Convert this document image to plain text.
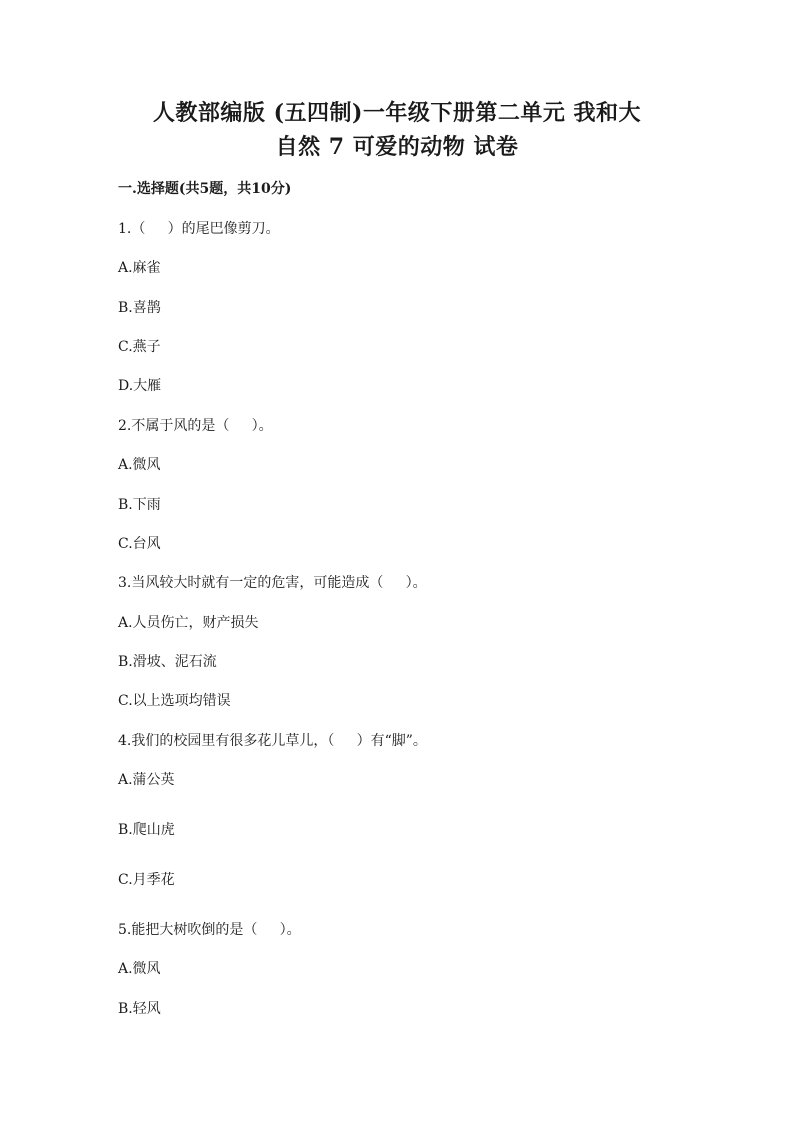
人教部编版 (五四制)一年级下册第二单元 我和大
自然 7 可爱的动物 试卷
一.选择题(共5题，共10分)
1.（     ）的尾巴像剪刀。
A.麻雀
B.喜鹊
C.燕子
D.大雁
2.不属于风的是（     ）。
A.微风
B.下雨
C.台风
3.当风较大时就有一定的危害，可能造成（     ）。
A.人员伤亡，财产损失
B.滑坡、泥石流
C.以上选项均错误
4.我们的校园里有很多花儿草儿，（     ）有“脚”。
A.蒲公英
B.爬山虎
C.月季花
5.能把大树吹倒的是（     ）。
A.微风
B.轻风
